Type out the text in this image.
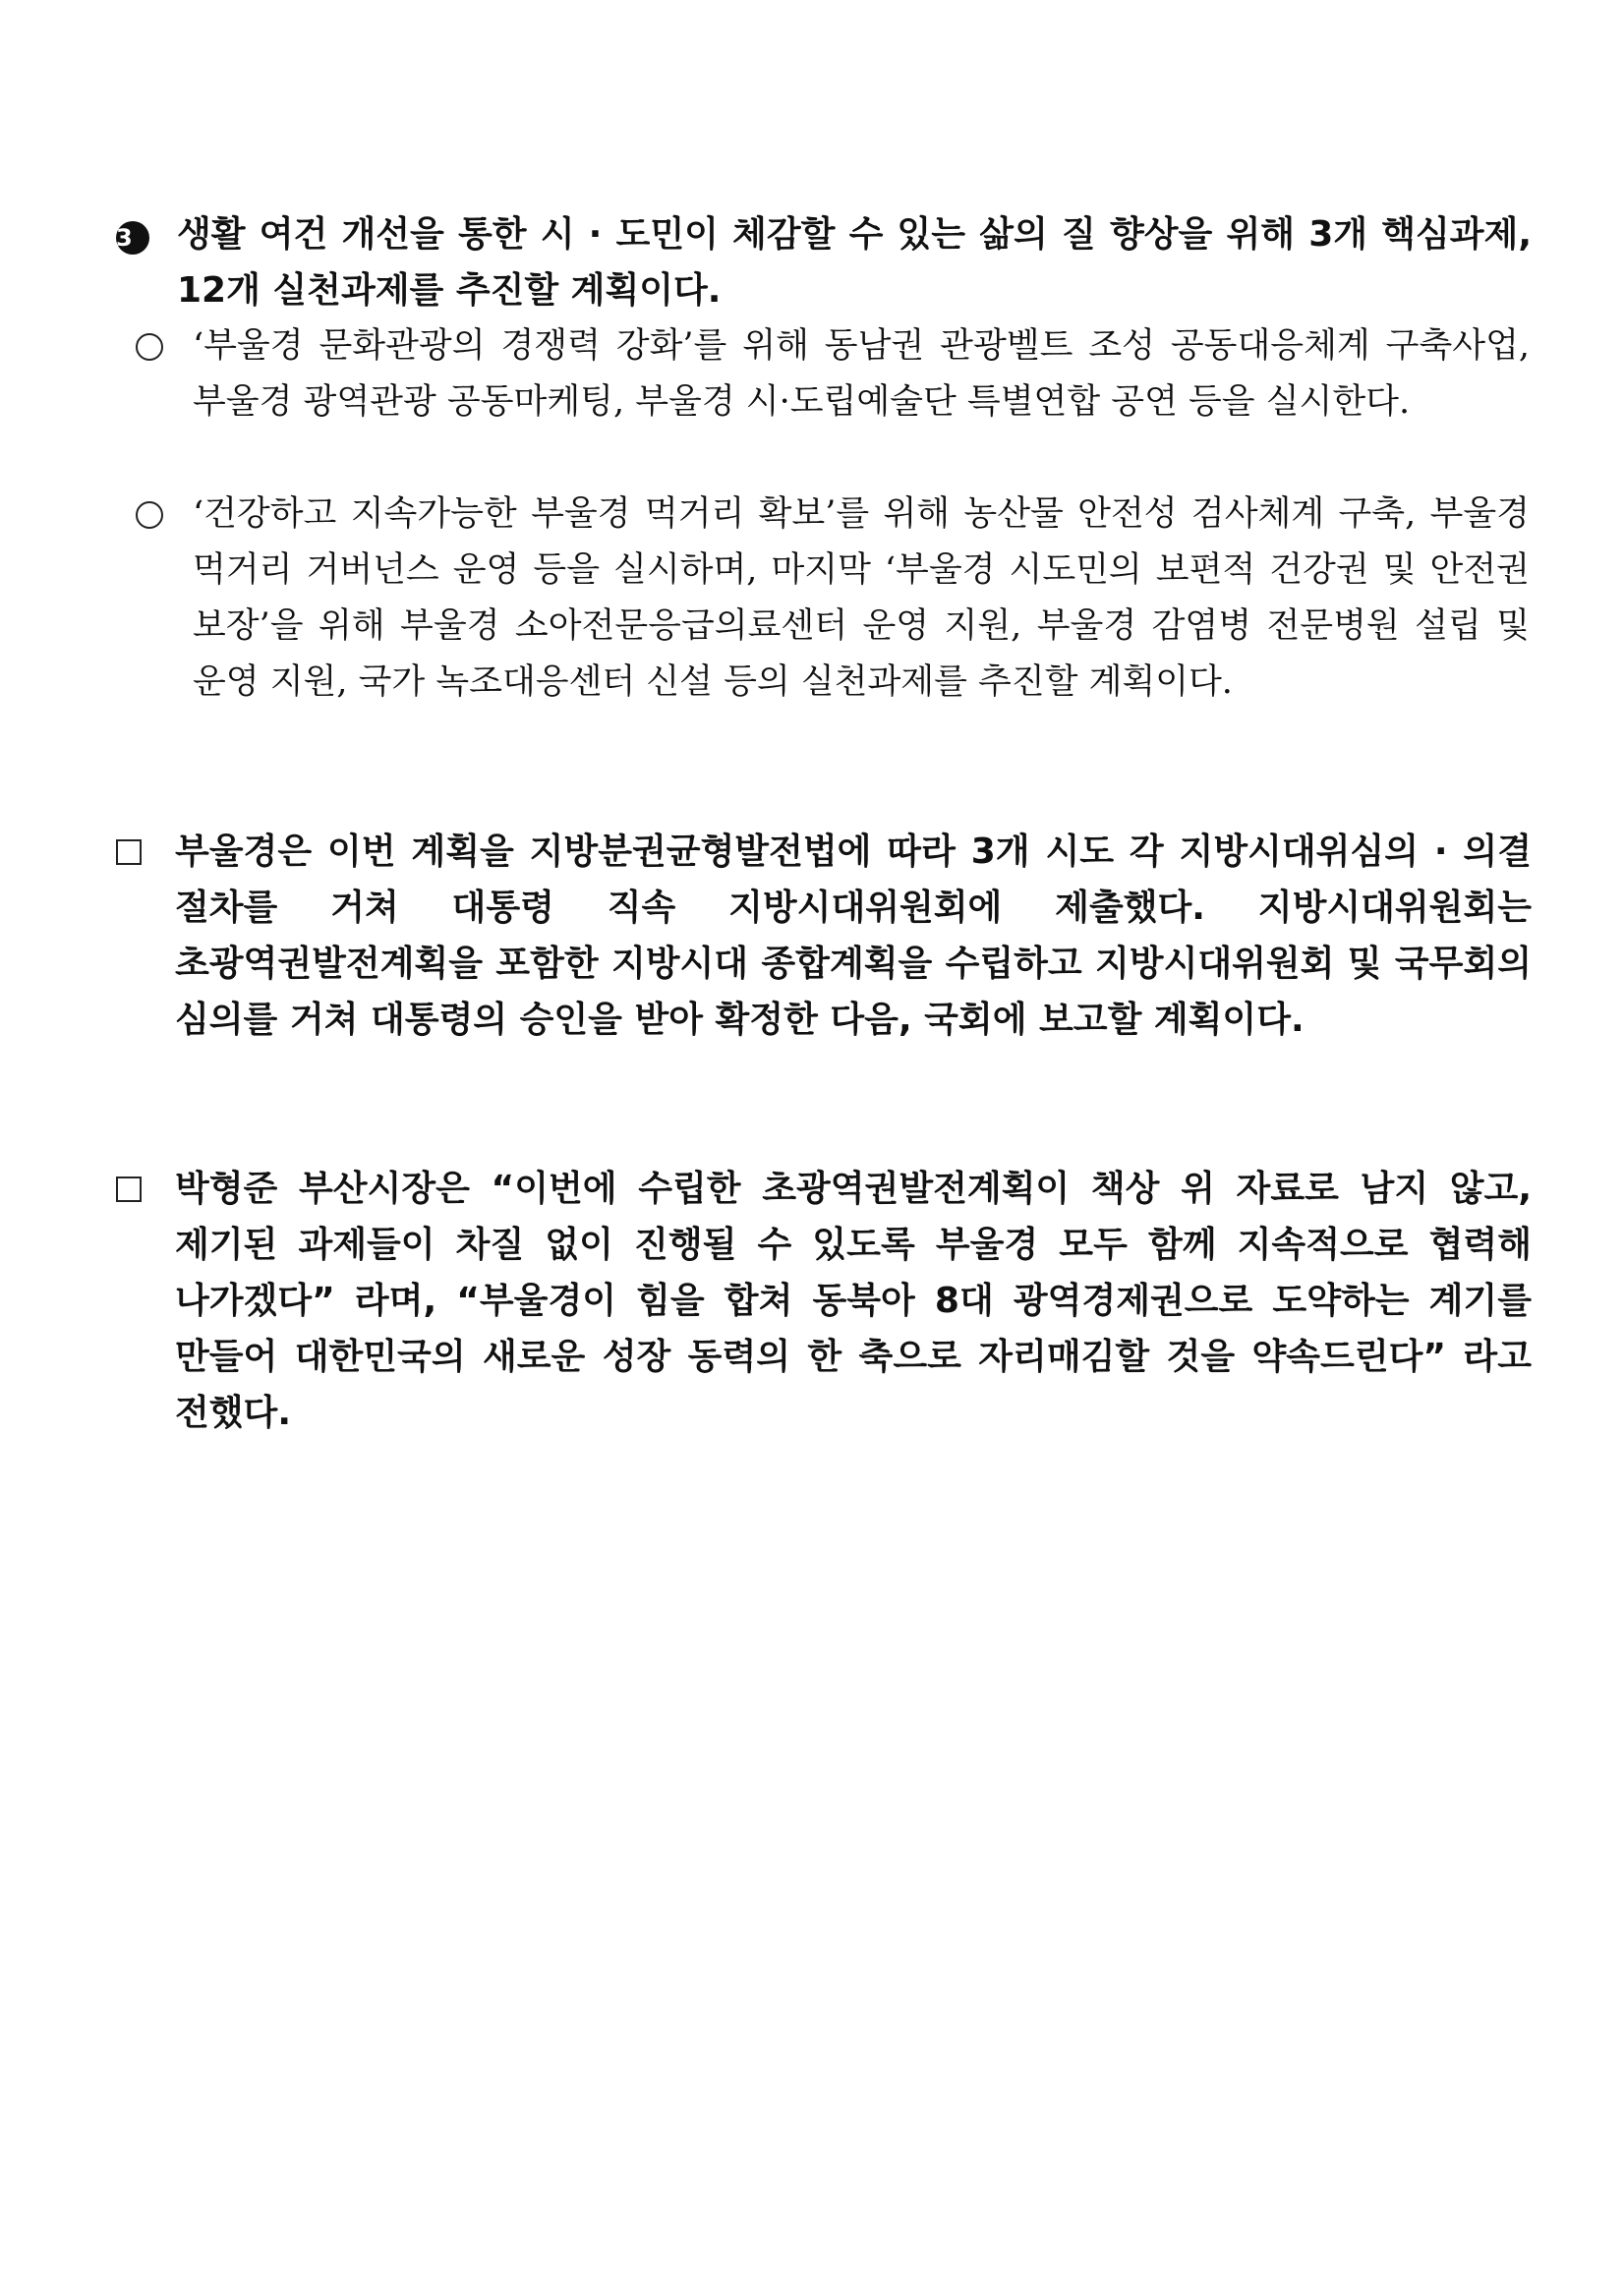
3	생활 여건 개선을 통한 시 · 도민이 체감할 수 있는 삶의 질 향상을 위해 3개 핵심과제, 12개 실천과제를 추진할 계획이다.
‘부울경 문화관광의 경쟁력 강화’를 위해 동남권 관광벨트 조성 공동대응체계 구축사업, 부울경 광역관광 공동마케팅, 부울경 시·도립예술단 특별연합 공연 등을 실시한다.
‘건강하고 지속가능한 부울경 먹거리 확보’를 위해 농산물 안전성 검사체계 구축, 부울경 먹거리 거버넌스 운영 등을 실시하며, 마지막 ‘부울경 시도민의 보편적 건강권 및 안전권 보장’을 위해 부울경 소아전문응급의료센터 운영 지원, 부울경 감염병 전문병원 설립 및 운영 지원, 국가 녹조대응센터 신설 등의 실천과제를 추진할 계획이다.
부울경은 이번 계획을 지방분권균형발전법에 따라 3개 시도 각 지방시대위심의 · 의결 절차를 거쳐 대통령 직속 지방시대위원회에 제출했다. 지방시대위원회는 초광역권발전계획을 포함한 지방시대 종합계획을 수립하고 지방시대위원회 및 국무회의 심의를 거쳐 대통령의 승인을 받아 확정한 다음, 국회에 보고할 계획이다.
박형준 부산시장은 “이번에 수립한 초광역권발전계획이 책상 위 자료로 남지 않고, 제기된 과제들이 차질 없이 진행될 수 있도록 부울경 모두 함께 지속적으로 협력해 나가겠다” 라며, “부울경이 힘을 합쳐 동북아 8대 광역경제권으로 도약하는 계기를 만들어 대한민국의 새로운 성장 동력의 한 축으로 자리매김할 것을 약속드린다” 라고 전했다.
